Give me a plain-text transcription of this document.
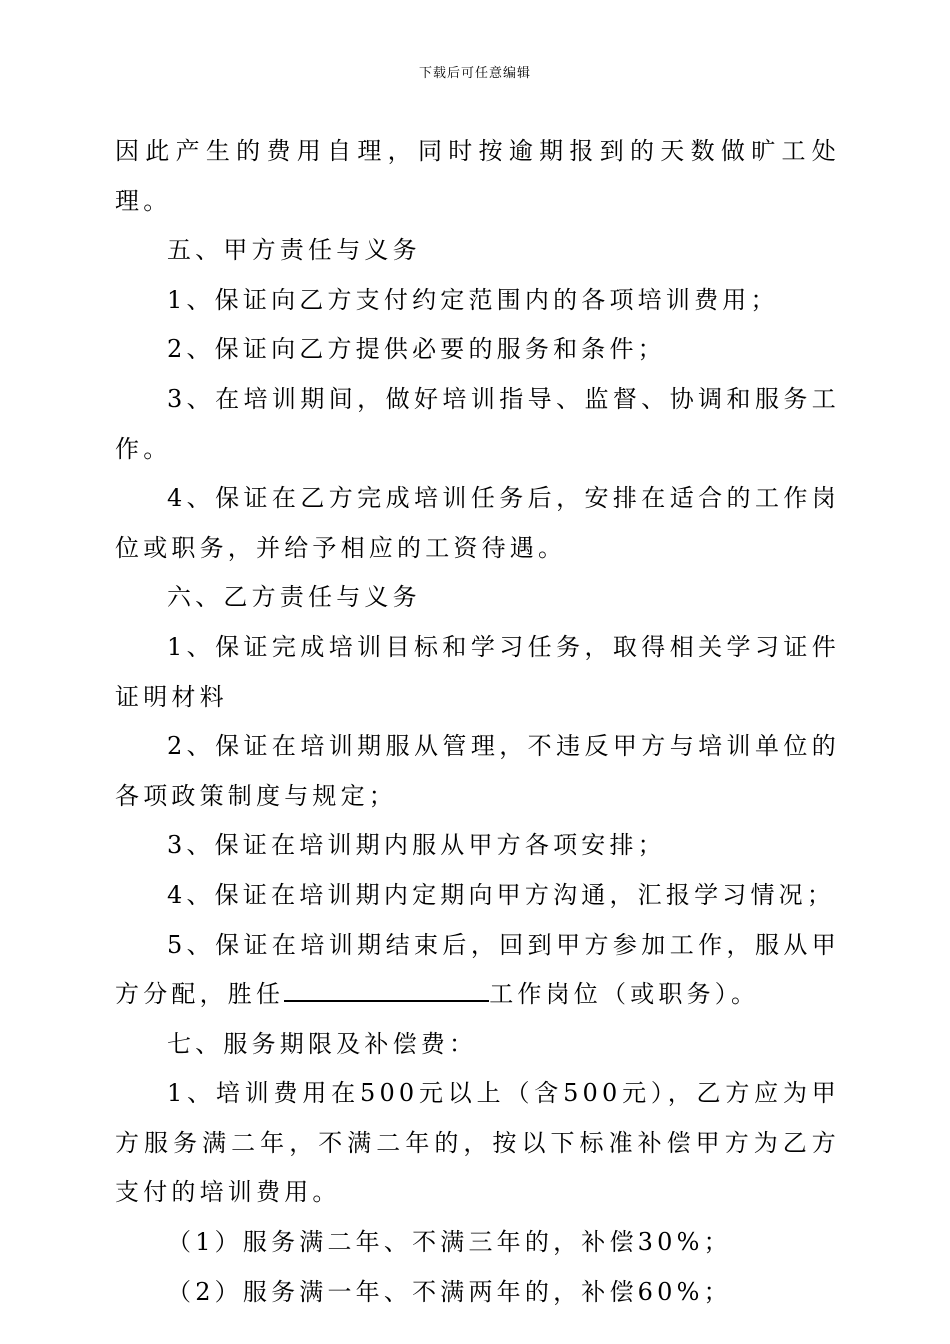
下载后可任意编辑

因此产生的费用自理，同时按逾期报到的天数做旷工处理。

五、甲方责任与义务

1、保证向乙方支付约定范围内的各项培训费用；

2、保证向乙方提供必要的服务和条件；

3、在培训期间，做好培训指导、监督、协调和服务工作。

4、保证在乙方完成培训任务后，安排在适合的工作岗位或职务，并给予相应的工资待遇。

六、乙方责任与义务

1、保证完成培训目标和学习任务，取得相关学习证件证明材料

2、保证在培训期服从管理，不违反甲方与培训单位的各项政策制度与规定；

3、保证在培训期内服从甲方各项安排；

4、保证在培训期内定期向甲方沟通，汇报学习情况；

5、保证在培训期结束后，回到甲方参加工作，服从甲方分配，胜任	工作岗位（或职务）。

七、服务期限及补偿费：

1、培训费用在500元以上（含500元），乙方应为甲方服务满二年，不满二年的，按以下标准补偿甲方为乙方支付的培训费用。

（1）服务满二年、不满三年的，补偿30%；

（2）服务满一年、不满两年的，补偿60%；
